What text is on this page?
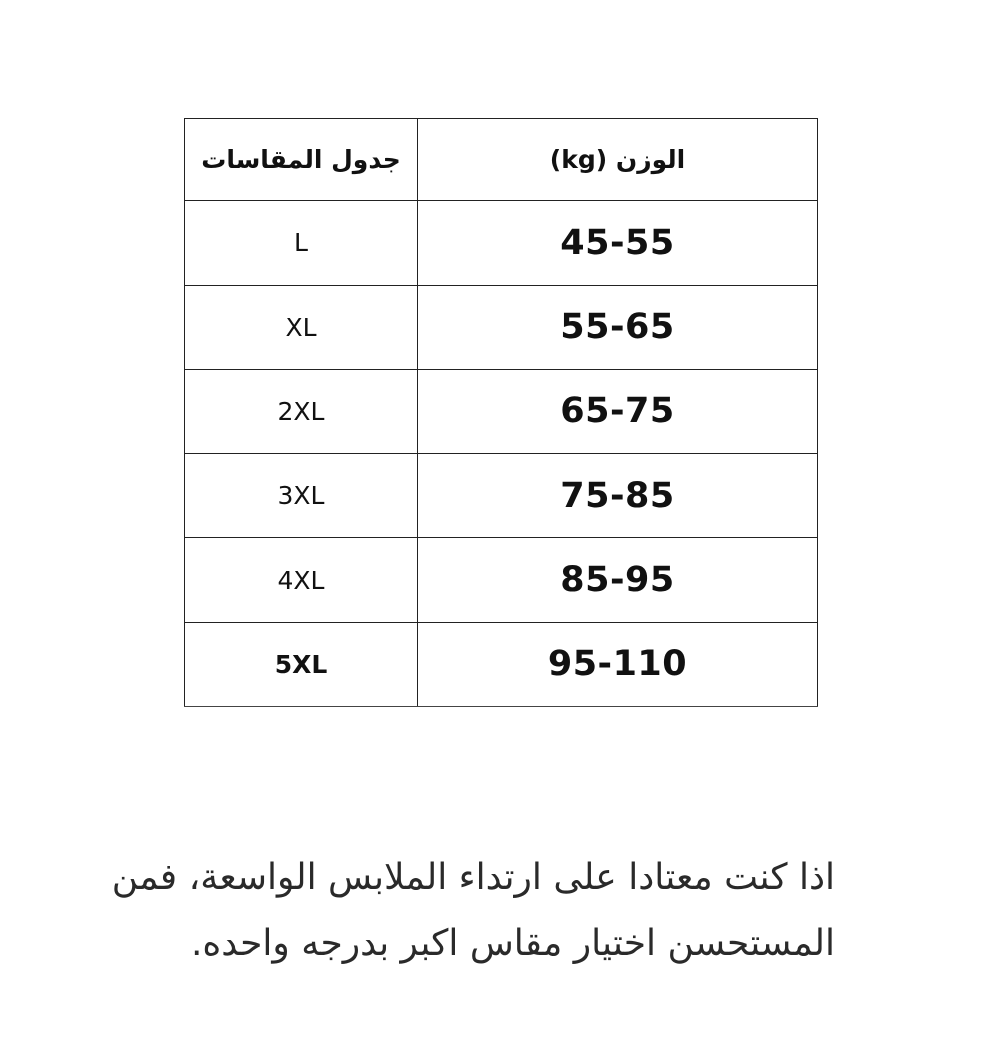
جدول المقاسات	الوزن (kg)
L	45-55
XL	55-65
2XL	65-75
3XL	75-85
4XL	85-95
5XL	95-110
اذا كنت معتادا على ارتداء الملابس الواسعة، فمن
المستحسن اختيار مقاس اكبر بدرجه واحده.
